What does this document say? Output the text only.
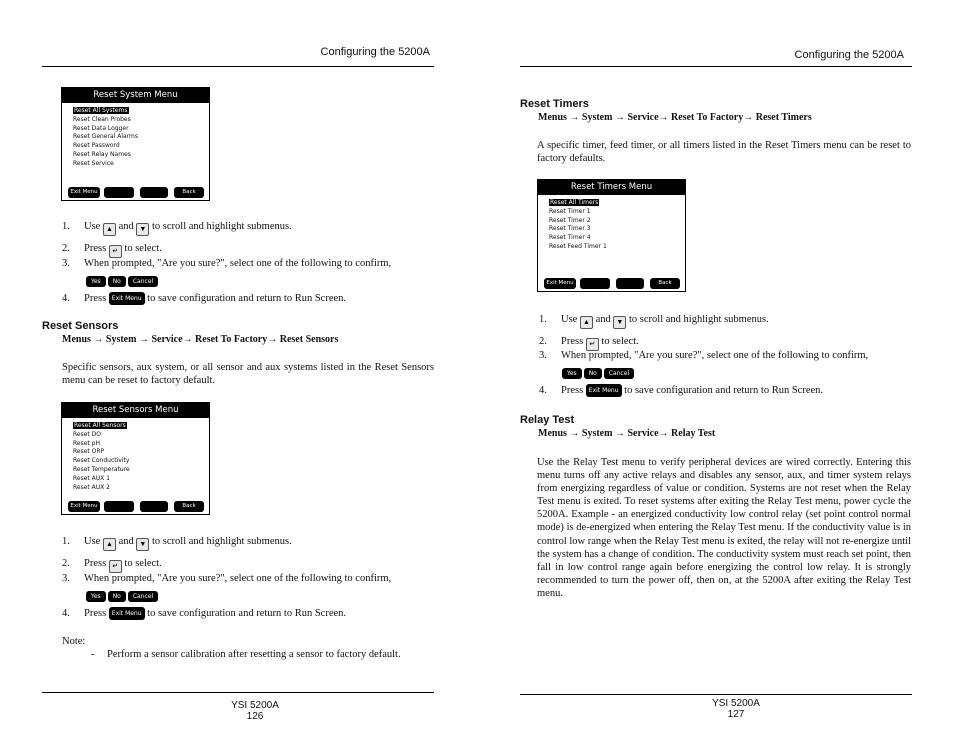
Configuring the 5200A
Reset System Menu
Reset All Systems
Reset Clean Probes
Reset Data Logger
Reset General Alarms
Reset Password
Reset Relay Names
Reset Service
Exit Menu	Back
1. Use ▲ and ▼ to scroll and highlight submenus.
2. Press ↵ to select.
3. When prompted, "Are you sure?", select one of the following to confirm,
Yes No Cancel
4. Press Exit Menu to save configuration and return to Run Screen.
Reset Sensors
Menus → System → Service→ Reset To Factory→ Reset Sensors
Specific sensors, aux system, or all sensor and aux systems listed in the Reset Sensors menu can be reset to factory default.
Reset Sensors Menu
Reset All Sensors
Reset DO
Reset pH
Reset ORP
Reset Conductivity
Reset Temperature
Reset AUX 1
Reset AUX 2
Exit Menu	Back
1. Use ▲ and ▼ to scroll and highlight submenus.
2. Press ↵ to select.
3. When prompted, "Are you sure?", select one of the following to confirm,
Yes No Cancel
4. Press Exit Menu to save configuration and return to Run Screen.
Note:
- Perform a sensor calibration after resetting a sensor to factory default.
YSI 5200A
126
Configuring the 5200A
Reset Timers
Menus → System → Service→ Reset To Factory→ Reset Timers
A specific timer, feed timer, or all timers listed in the Reset Timers menu can be reset to factory defaults.
Reset Timers Menu
Reset All Timers
Reset Timer 1
Reset Timer 2
Reset Timer 3
Reset Timer 4
Reset Feed Timer 1
Exit Menu	Back
1. Use ▲ and ▼ to scroll and highlight submenus.
2. Press ↵ to select.
3. When prompted, "Are you sure?", select one of the following to confirm,
Yes No Cancel
4. Press Exit Menu to save configuration and return to Run Screen.
Relay Test
Menus → System → Service→ Relay Test
Use the Relay Test menu to verify peripheral devices are wired correctly. Entering this menu turns off any active relays and disables any sensor, aux, and timer system relays from energizing regardless of value or condition. Systems are not reset when the Relay Test menu is exited. To reset systems after exiting the Relay Test menu, power cycle the 5200A. Example - an energized conductivity low control relay (set point control normal mode) is de-energized when entering the Relay Test menu. If the conductivity value is in control low range when the Relay Test menu is exited, the relay will not re-energize until the system has a change of condition. The conductivity system must reach set point, then fall in low control range again before energizing the control low relay. It is strongly recommended to turn the power off, then on, at the 5200A after exiting the Relay Test menu.
YSI 5200A
127
